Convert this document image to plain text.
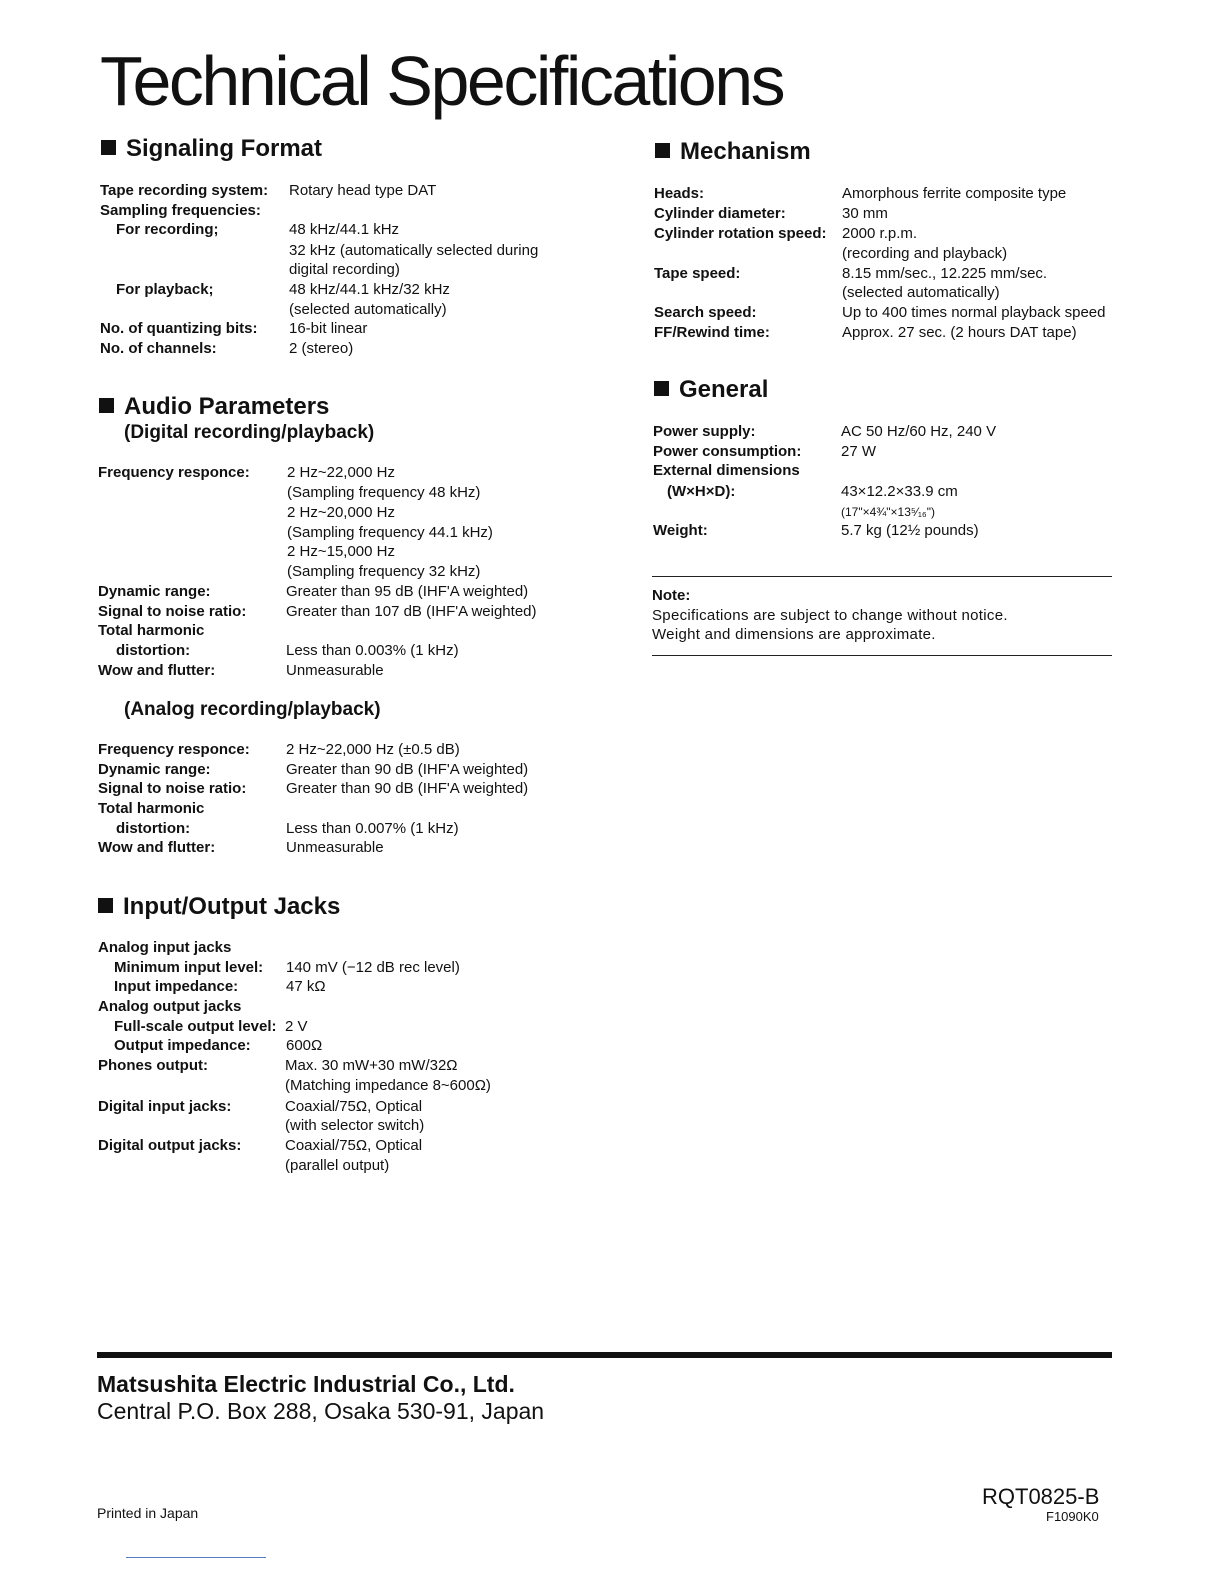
Technical Specifications
Signaling Format
Tape recording system: Rotary head type DAT
Sampling frequencies:
For recording;	48 kHz/44.1 kHz
32 kHz (automatically selected during
digital recording)
For playback;	48 kHz/44.1 kHz/32 kHz
(selected automatically)
No. of quantizing bits: 16-bit linear
No. of channels:	2 (stereo)
Audio Parameters
(Digital recording/playback)
Frequency responce: 2 Hz~22,000 Hz
(Sampling frequency 48 kHz)
2 Hz~20,000 Hz
(Sampling frequency 44.1 kHz)
2 Hz~15,000 Hz
(Sampling frequency 32 kHz)
Dynamic range:	Greater than 95 dB (IHF'A weighted)
Signal to noise ratio:	Greater than 107 dB (IHF'A weighted)
Total harmonic
distortion:	Less than 0.003% (1 kHz)
Wow and flutter:	Unmeasurable
(Analog recording/playback)
Frequency responce: 2 Hz~22,000 Hz (±0.5 dB)
Dynamic range:	Greater than 90 dB (IHF'A weighted)
Signal to noise ratio:	Greater than 90 dB (IHF'A weighted)
Total harmonic
distortion:	Less than 0.007% (1 kHz)
Wow and flutter:	Unmeasurable
Input/Output Jacks
Analog input jacks
Minimum input level: 140 mV (−12 dB rec level)
Input impedance:	47 kΩ
Analog output jacks
Full-scale output level: 2 V
Output impedance: 600Ω
Phones output:	Max. 30 mW+30 mW/32Ω
(Matching impedance 8~600Ω)
Digital input jacks:	Coaxial/75Ω, Optical
(with selector switch)
Digital output jacks:	Coaxial/75Ω, Optical
(parallel output)
Mechanism
Heads:	Amorphous ferrite composite type
Cylinder diameter:	30 mm
Cylinder rotation speed: 2000 r.p.m.
(recording and playback)
Tape speed:	8.15 mm/sec., 12.225 mm/sec.
(selected automatically)
Search speed:	Up to 400 times normal playback speed
FF/Rewind time:	Approx. 27 sec. (2 hours DAT tape)
General
Power supply:	AC 50 Hz/60 Hz, 240 V
Power consumption:	27 W
External dimensions
(W×H×D):	43×12.2×33.9 cm
(17"×4¾"×13⁵⁄₁₆")
Weight:	5.7 kg (12½ pounds)
Note:
Specifications are subject to change without notice.
Weight and dimensions are approximate.
Matsushita Electric Industrial Co., Ltd.
Central P.O. Box 288, Osaka 530-91, Japan
Printed in Japan
RQT0825-B
F1090K0
